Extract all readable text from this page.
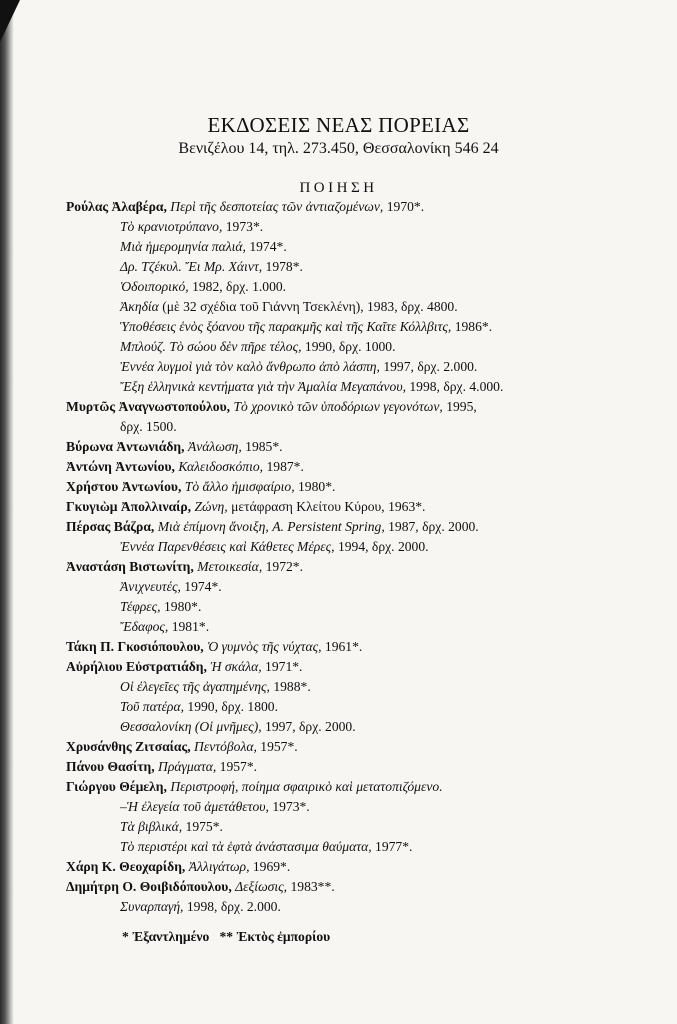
ΕΚΔΟΣΕΙΣ ΝΕΑΣ ΠΟΡΕΙΑΣ
Βενιζέλου 14, τηλ. 273.450, Θεσσαλονίκη 546 24
ΠΟΙΗΣΗ
Ρούλας Ἀλαβέρα, Περὶ τῆς δεσποτείας τῶν ἀντιαζομένων, 1970*.
Τὸ κρανιοτρύπανο, 1973*.
Μιὰ ἡμερομηνία παλιά, 1974*.
Δρ. Τζέκυλ. Ἔι Μρ. Χάιντ, 1978*.
Ὁδοιπορικό, 1982, δρχ. 1.000.
Ἀκηδία (μὲ 32 σχέδια τοῦ Γιάννη Τσεκλένη), 1983, δρχ. 4800.
Ὑποθέσεις ἑνὸς ξόανου τῆς παρακμῆς καὶ τῆς Καῖτε Κόλλβιτς, 1986*.
Μπλούζ. Τὸ σώου δὲν πῆρε τέλος, 1990, δρχ. 1000.
Ἐννέα λυγμοὶ γιὰ τὸν καλὸ ἄνθρωπο ἀπὸ λάσπη, 1997, δρχ. 2.000.
Ἔξη ἑλληνικὰ κεντήματα γιὰ τὴν Ἀμαλία Μεγαπάνου, 1998, δρχ. 4.000.
Μυρτῶς Ἀναγνωστοπούλου, Τὸ χρονικὸ τῶν ὑποδόριων γεγονότων, 1995,
δρχ. 1500.
Βύρωνα Ἀντωνιάδη, Ἀνάλωση, 1985*.
Ἀντώνη Ἀντωνίου, Καλειδοσκόπιο, 1987*.
Χρήστου Ἀντωνίου, Τὸ ἄλλο ἡμισφαίριο, 1980*.
Γκυγιὼμ Ἀπολλιναίρ, Ζώνη, μετάφραση Κλείτου Κύρου, 1963*.
Πέρσας Βάζρα, Μιὰ ἐπίμονη ἄνοιξη, A. Persistent Spring, 1987, δρχ. 2000.
Ἐννέα Παρενθέσεις καὶ Κάθετες Μέρες, 1994, δρχ. 2000.
Ἀναστάση Βιστωνίτη, Μετοικεσία, 1972*.
Ἀνιχνευτές, 1974*.
Τέφρες, 1980*.
Ἔδαφος, 1981*.
Τάκη Π. Γκοσιόπουλου, Ὁ γυμνὸς τῆς νύχτας, 1961*.
Αὐρήλιου Εὐστρατιάδη, Ἡ σκάλα, 1971*.
Οἱ ἐλεγεῖες τῆς ἀγαπημένης, 1988*.
Τοῦ πατέρα, 1990, δρχ. 1800.
Θεσσαλονίκη (Οἱ μνῆμες), 1997, δρχ. 2000.
Χρυσάνθης Ζιτσαίας, Πεντόβολα, 1957*.
Πάνου Θασίτη, Πράγματα, 1957*.
Γιώργου Θέμελη, Περιστροφή, ποίημα σφαιρικὸ καὶ μετατοπιζόμενο.
–Ἡ ἐλεγεία τοῦ ἀμετάθετου, 1973*.
Τὰ βιβλικά, 1975*.
Τὸ περιστέρι καὶ τὰ ἑφτὰ ἀνάστασιμα θαύματα, 1977*.
Χάρη Κ. Θεοχαρίδη, Ἀλλιγάτωρ, 1969*.
Δημήτρη Ο. Θοιβιδόπουλου, Δεξίωσις, 1983**.
Συναρπαγή, 1998, δρχ. 2.000.
* Ἐξαντλημένο   ** Ἐκτὸς ἐμπορίου
